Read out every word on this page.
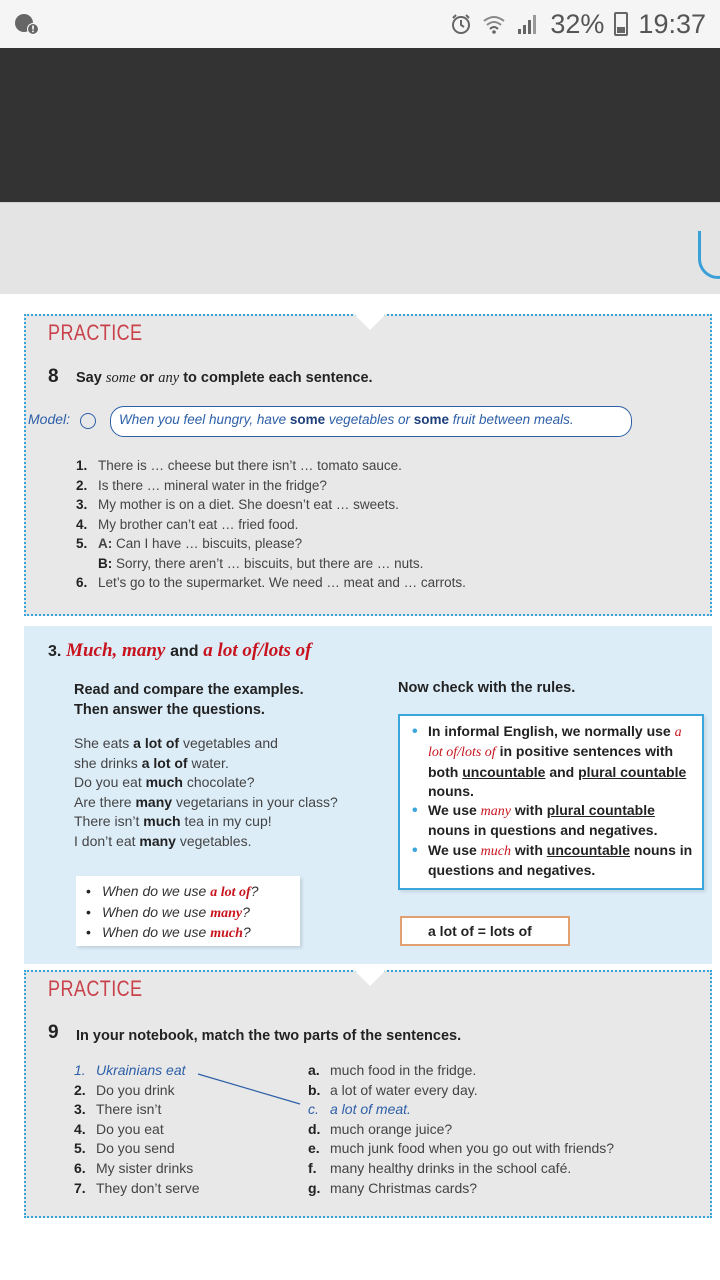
32% 19:37
PRACTICE
8 Say some or any to complete each sentence.
Model:	When you feel hungry, have some vegetables or some fruit between meals.
1. There is … cheese but there isn’t … tomato sauce.
2. Is there … mineral water in the fridge?
3. My mother is on a diet. She doesn’t eat … sweets.
4. My brother can’t eat … fried food.
5. A: Can I have … biscuits, please?
B: Sorry, there aren’t … biscuits, but there are … nuts.
6. Let’s go to the supermarket. We need … meat and … carrots.
3. Much, many and a lot of/lots of
Read and compare the examples.
Then answer the questions.
Now check with the rules.
She eats a lot of vegetables and
she drinks a lot of water.
Do you eat much chocolate?
Are there many vegetarians in your class?
There isn’t much tea in my cup!
I don’t eat many vegetables.
• In informal English, we normally use a lot of/lots of in positive sentences with both uncountable and plural countable nouns.
• We use many with plural countable nouns in questions and negatives.
• We use much with uncountable nouns in questions and negatives.
• When do we use a lot of?
• When do we use many?
• When do we use much?	a lot of = lots of
PRACTICE
9 In your notebook, match the two parts of the sentences.
1. Ukrainians eat
2. Do you drink
3. There isn’t
4. Do you eat
5. Do you send
6. My sister drinks
7. They don’t serve
a. much food in the fridge.
b. a lot of water every day.
c. a lot of meat.
d. much orange juice?
e. much junk food when you go out with friends?
f. many healthy drinks in the school café.
g. many Christmas cards?
